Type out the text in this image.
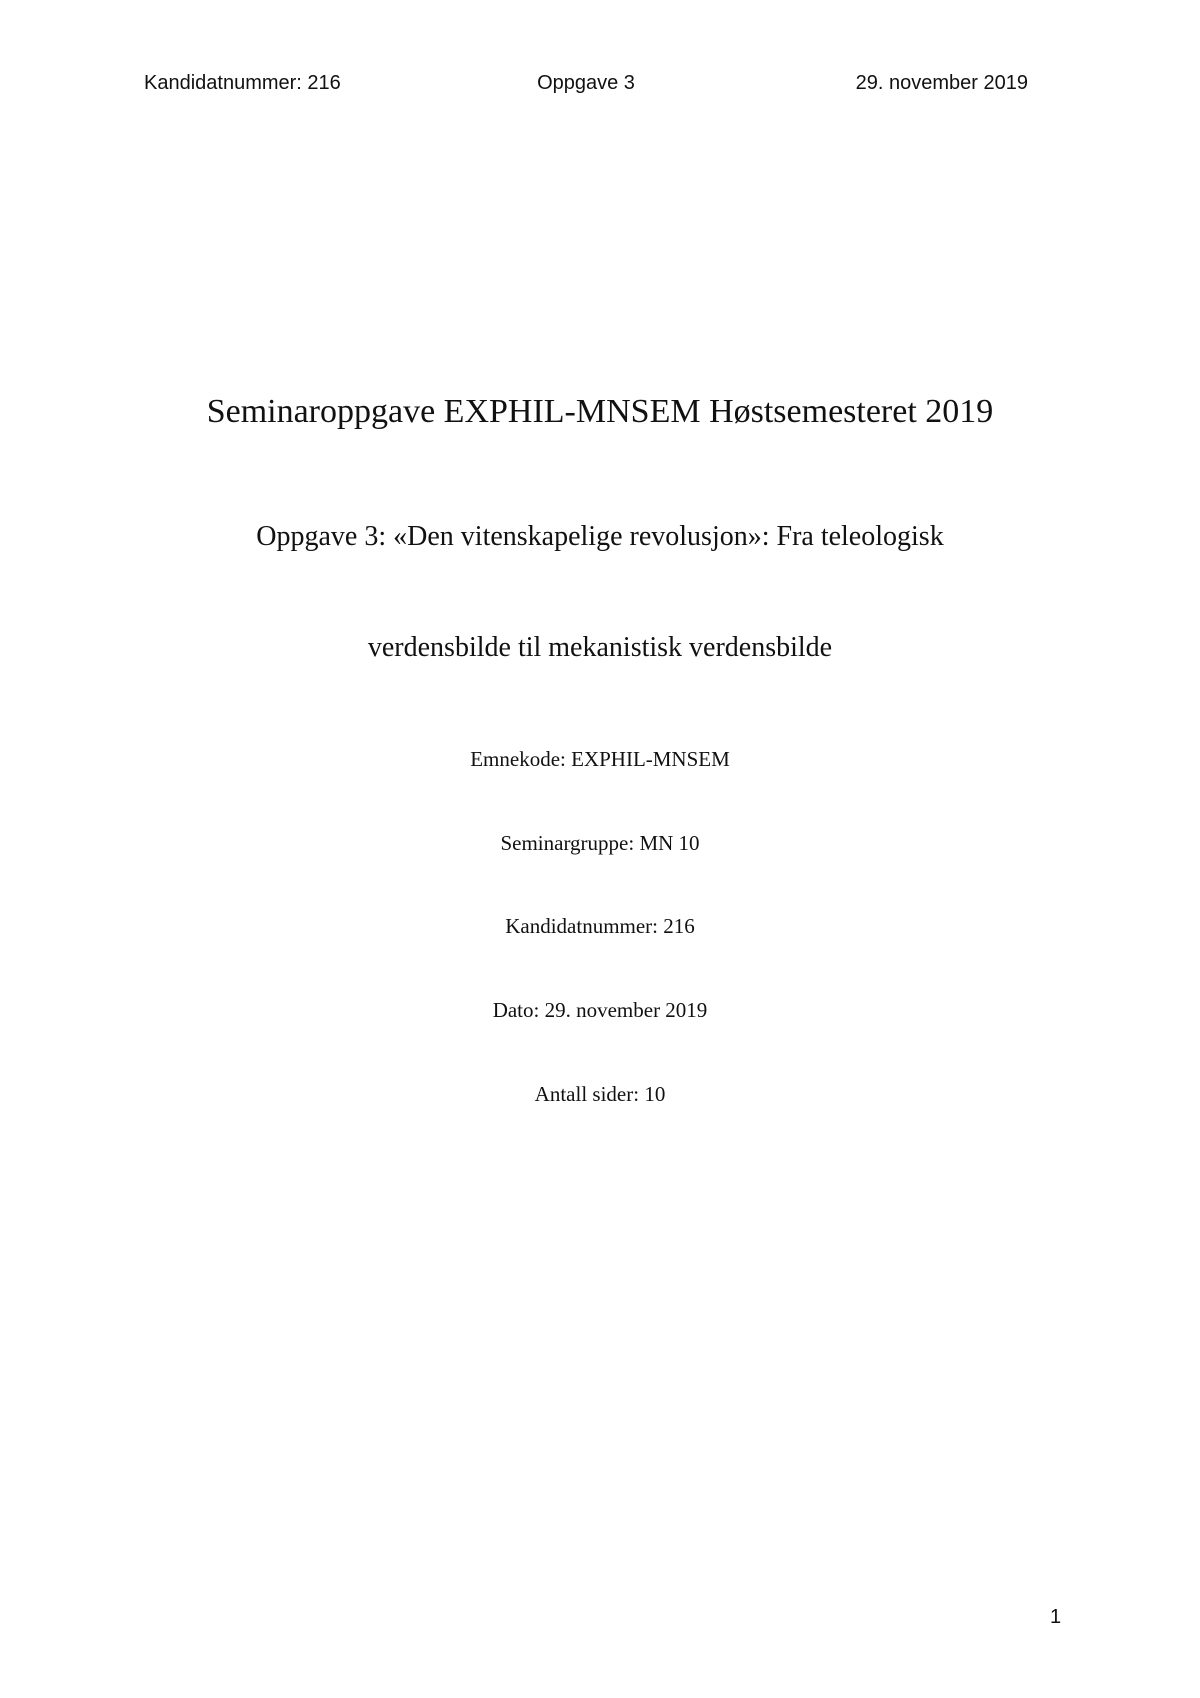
Kandidatnummer: 216	Oppgave 3	29. november 2019
Seminaroppgave EXPHIL-MNSEM Høstsemesteret 2019
Oppgave 3: «Den vitenskapelige revolusjon»: Fra teleologisk
verdensbilde til mekanistisk verdensbilde
Emnekode: EXPHIL-MNSEM
Seminargruppe: MN 10
Kandidatnummer: 216
Dato: 29. november 2019
Antall sider: 10
1
